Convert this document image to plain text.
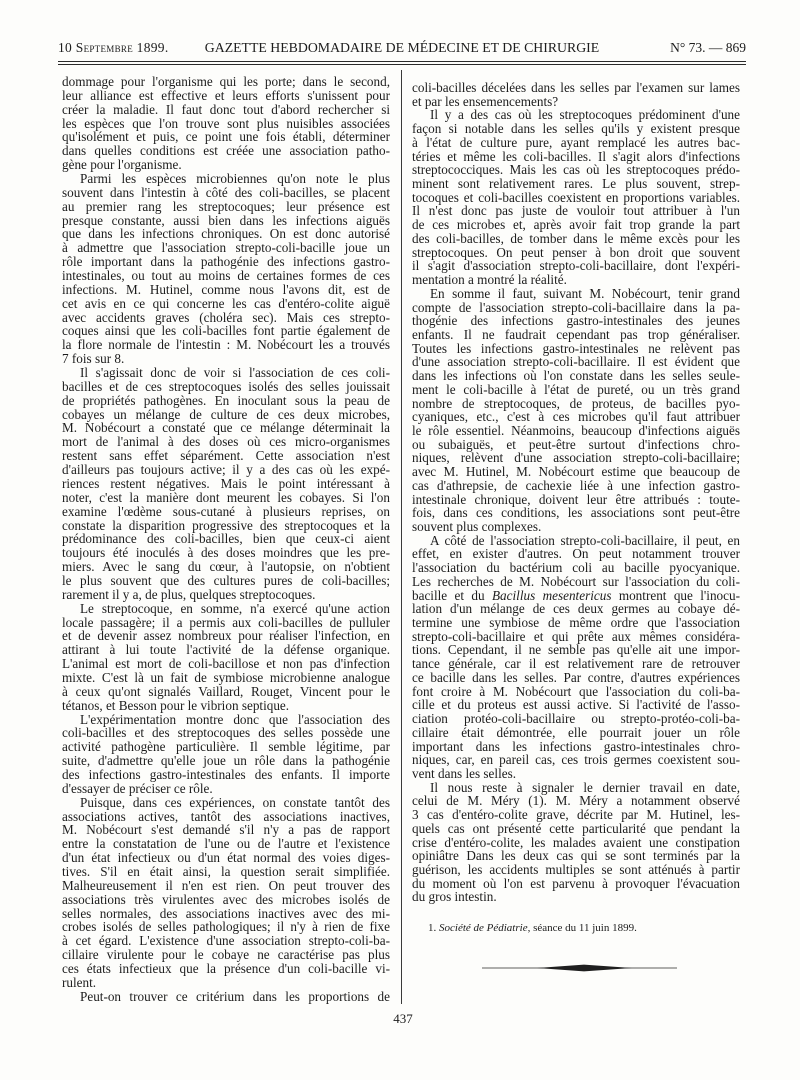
10 Septembre 1899.	GAZETTE HEBDOMADAIRE DE MÉDECINE ET DE CHIRURGIE	N° 73. — 869
dommage pour l'organisme qui les porte; dans le second,
leur alliance est effective et leurs efforts s'unissent pour
créer la maladie. Il faut donc tout d'abord rechercher si
les espèces que l'on trouve sont plus nuisibles associées
qu'isolément et puis, ce point une fois établi, déterminer
dans quelles conditions est créée une association patho-
gène pour l'organisme.
Parmi les espèces microbiennes qu'on note le plus
souvent dans l'intestin à côté des coli-bacilles, se placent
au premier rang les streptocoques; leur présence est
presque constante, aussi bien dans les infections aiguës
que dans les infections chroniques. On est donc autorisé
à admettre que l'association strepto-coli-bacille joue un
rôle important dans la pathogénie des infections gastro-
intestinales, ou tout au moins de certaines formes de ces
infections. M. Hutinel, comme nous l'avons dit, est de
cet avis en ce qui concerne les cas d'entéro-colite aiguë
avec accidents graves (choléra sec). Mais ces strepto-
coques ainsi que les coli-bacilles font partie également de
la flore normale de l'intestin : M. Nobécourt les a trouvés
7 fois sur 8.
Il s'agissait donc de voir si l'association de ces coli-
bacilles et de ces streptocoques isolés des selles jouissait
de propriétés pathogènes. En inoculant sous la peau de
cobayes un mélange de culture de ces deux microbes,
M. Nobécourt a constaté que ce mélange déterminait la
mort de l'animal à des doses où ces micro-organismes
restent sans effet séparément. Cette association n'est
d'ailleurs pas toujours active; il y a des cas où les expé-
riences restent négatives. Mais le point intéressant à
noter, c'est la manière dont meurent les cobayes. Si l'on
examine l'œdème sous-cutané à plusieurs reprises, on
constate la disparition progressive des streptocoques et la
prédominance des coli-bacilles, bien que ceux-ci aient
toujours été inoculés à des doses moindres que les pre-
miers. Avec le sang du cœur, à l'autopsie, on n'obtient
le plus souvent que des cultures pures de coli-bacilles;
rarement il y a, de plus, quelques streptocoques.
Le streptocoque, en somme, n'a exercé qu'une action
locale passagère; il a permis aux coli-bacilles de pulluler
et de devenir assez nombreux pour réaliser l'infection, en
attirant à lui toute l'activité de la défense organique.
L'animal est mort de coli-bacillose et non pas d'infection
mixte. C'est là un fait de symbiose microbienne analogue
à ceux qu'ont signalés Vaillard, Rouget, Vincent pour le
tétanos, et Besson pour le vibrion septique.
L'expérimentation montre donc que l'association des
coli-bacilles et des streptocoques des selles possède une
activité pathogène particulière. Il semble légitime, par
suite, d'admettre qu'elle joue un rôle dans la pathogénie
des infections gastro-intestinales des enfants. Il importe
d'essayer de préciser ce rôle.
Puisque, dans ces expériences, on constate tantôt des
associations actives, tantôt des associations inactives,
M. Nobécourt s'est demandé s'il n'y a pas de rapport
entre la constatation de l'une ou de l'autre et l'existence
d'un état infectieux ou d'un état normal des voies diges-
tives. S'il en était ainsi, la question serait simplifiée.
Malheureusement il n'en est rien. On peut trouver des
associations très virulentes avec des microbes isolés de
selles normales, des associations inactives avec des mi-
crobes isolés de selles pathologiques; il n'y à rien de fixe
à cet égard. L'existence d'une association strepto-coli-ba-
cillaire virulente pour le cobaye ne caractérise pas plus
ces états infectieux que la présence d'un coli-bacille vi-
rulent.
Peut-on trouver ce critérium dans les proportions de
coli-bacilles décelées dans les selles par l'examen sur lames
et par les ensemencements?
Il y a des cas où les streptocoques prédominent d'une
façon si notable dans les selles qu'ils y existent presque
à l'état de culture pure, ayant remplacé les autres bac-
téries et même les coli-bacilles. Il s'agit alors d'infections
streptococciques. Mais les cas où les streptocoques prédo-
minent sont relativement rares. Le plus souvent, strep-
tocoques et coli-bacilles coexistent en proportions variables.
Il n'est donc pas juste de vouloir tout attribuer à l'un
de ces microbes et, après avoir fait trop grande la part
des coli-bacilles, de tomber dans le même excès pour les
streptocoques. On peut penser à bon droit que souvent
il s'agit d'association strepto-coli-bacillaire, dont l'expéri-
mentation a montré la réalité.
En somme il faut, suivant M. Nobécourt, tenir grand
compte de l'association strepto-coli-bacillaire dans la pa-
thogénie des infections gastro-intestinales des jeunes
enfants. Il ne faudrait cependant pas trop généraliser.
Toutes les infections gastro-intestinales ne relèvent pas
d'une association strepto-coli-bacillaire. Il est évident que
dans les infections où l'on constate dans les selles seule-
ment le coli-bacille à l'état de pureté, ou un très grand
nombre de streptocoques, de proteus, de bacilles pyo-
cyaniques, etc., c'est à ces microbes qu'il faut attribuer
le rôle essentiel. Néanmoins, beaucoup d'infections aiguës
ou subaiguës, et peut-être surtout d'infections chro-
niques, relèvent d'une association strepto-coli-bacillaire;
avec M. Hutinel, M. Nobécourt estime que beaucoup de
cas d'athrepsie, de cachexie liée à une infection gastro-
intestinale chronique, doivent leur être attribués : toute-
fois, dans ces conditions, les associations sont peut-être
souvent plus complexes.
A côté de l'association strepto-coli-bacillaire, il peut, en
effet, en exister d'autres. On peut notamment trouver
l'association du bactérium coli au bacille pyocyanique.
Les recherches de M. Nobécourt sur l'association du coli-
bacille et du Bacillus mesentericus montrent que l'inocu-
lation d'un mélange de ces deux germes au cobaye dé-
termine une symbiose de même ordre que l'association
strepto-coli-bacillaire et qui prête aux mêmes considéra-
tions. Cependant, il ne semble pas qu'elle ait une impor-
tance générale, car il est relativement rare de retrouver
ce bacille dans les selles. Par contre, d'autres expériences
font croire à M. Nobécourt que l'association du coli-ba-
cille et du proteus est aussi active. Si l'activité de l'asso-
ciation protéo-coli-bacillaire ou strepto-protéo-coli-ba-
cillaire était démontrée, elle pourrait jouer un rôle
important dans les infections gastro-intestinales chro-
niques, car, en pareil cas, ces trois germes coexistent sou-
vent dans les selles.
Il nous reste à signaler le dernier travail en date,
celui de M. Méry (1). M. Méry a notamment observé
3 cas d'entéro-colite grave, décrite par M. Hutinel, les-
quels cas ont présenté cette particularité que pendant la
crise d'entéro-colite, les malades avaient une constipation
opiniâtre Dans les deux cas qui se sont terminés par la
guérison, les accidents multiples se sont atténués à partir
du moment où l'on est parvenu à provoquer l'évacuation
du gros intestin.
1. Société de Pédiatrie, séance du 11 juin 1899.
437
